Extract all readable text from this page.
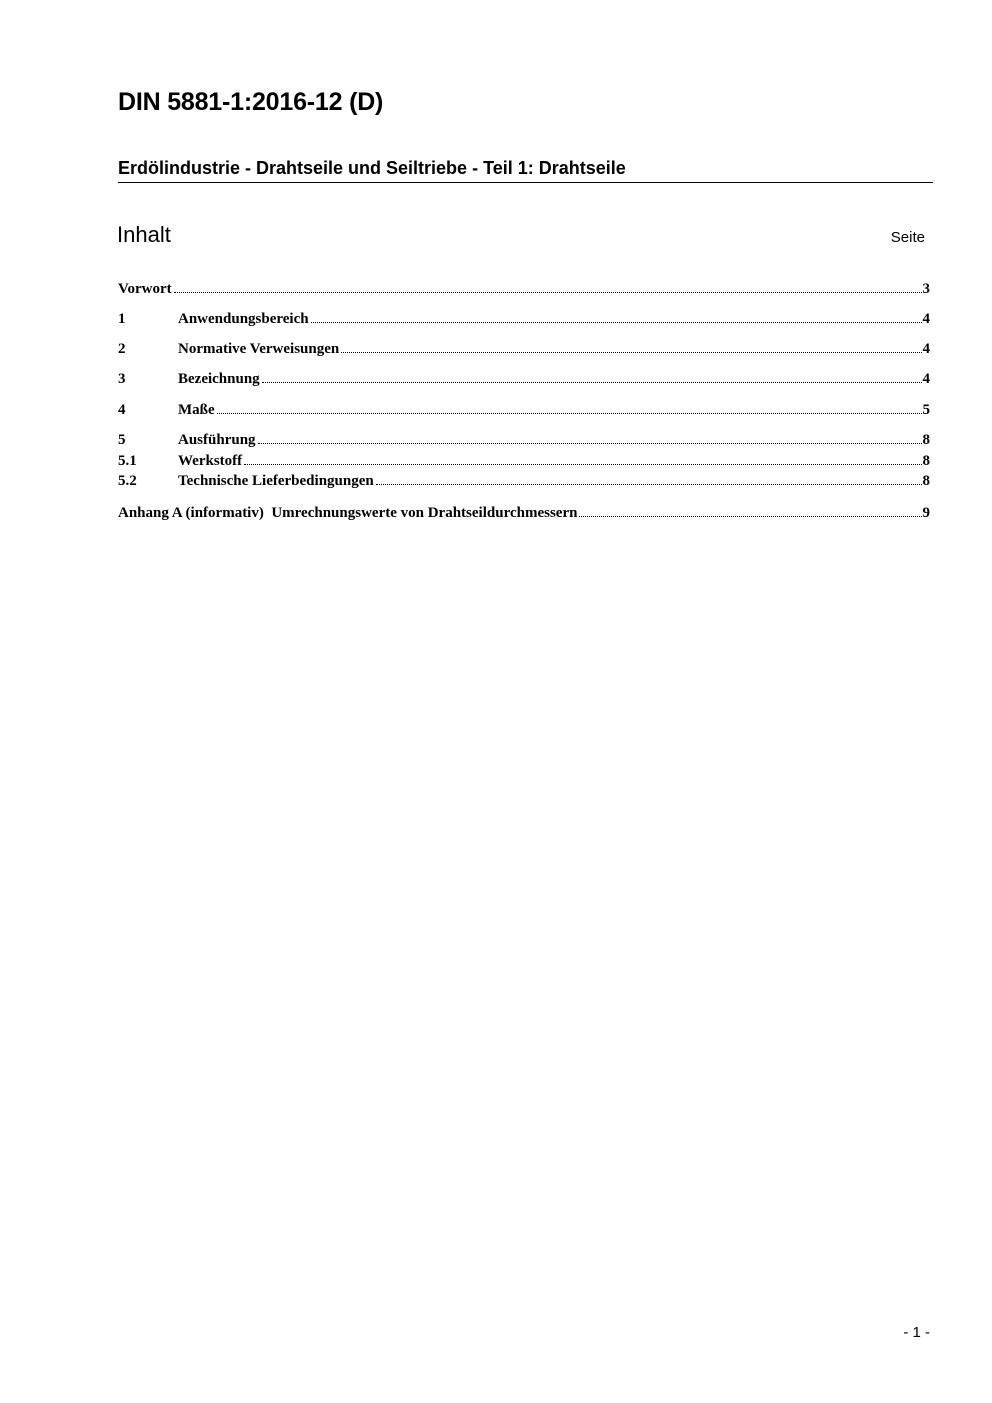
DIN 5881-1:2016-12 (D)
Erdölindustrie - Drahtseile und Seiltriebe - Teil 1: Drahtseile
Inhalt	Seite
Vorwort	3
1	Anwendungsbereich	4
2	Normative Verweisungen	4
3	Bezeichnung	4
4	Maße	5
5	Ausführung	8
5.1	Werkstoff	8
5.2	Technische Lieferbedingungen	8
Anhang A (informativ)  Umrechnungswerte von Drahtseildurchmessern	9
- 1 -
